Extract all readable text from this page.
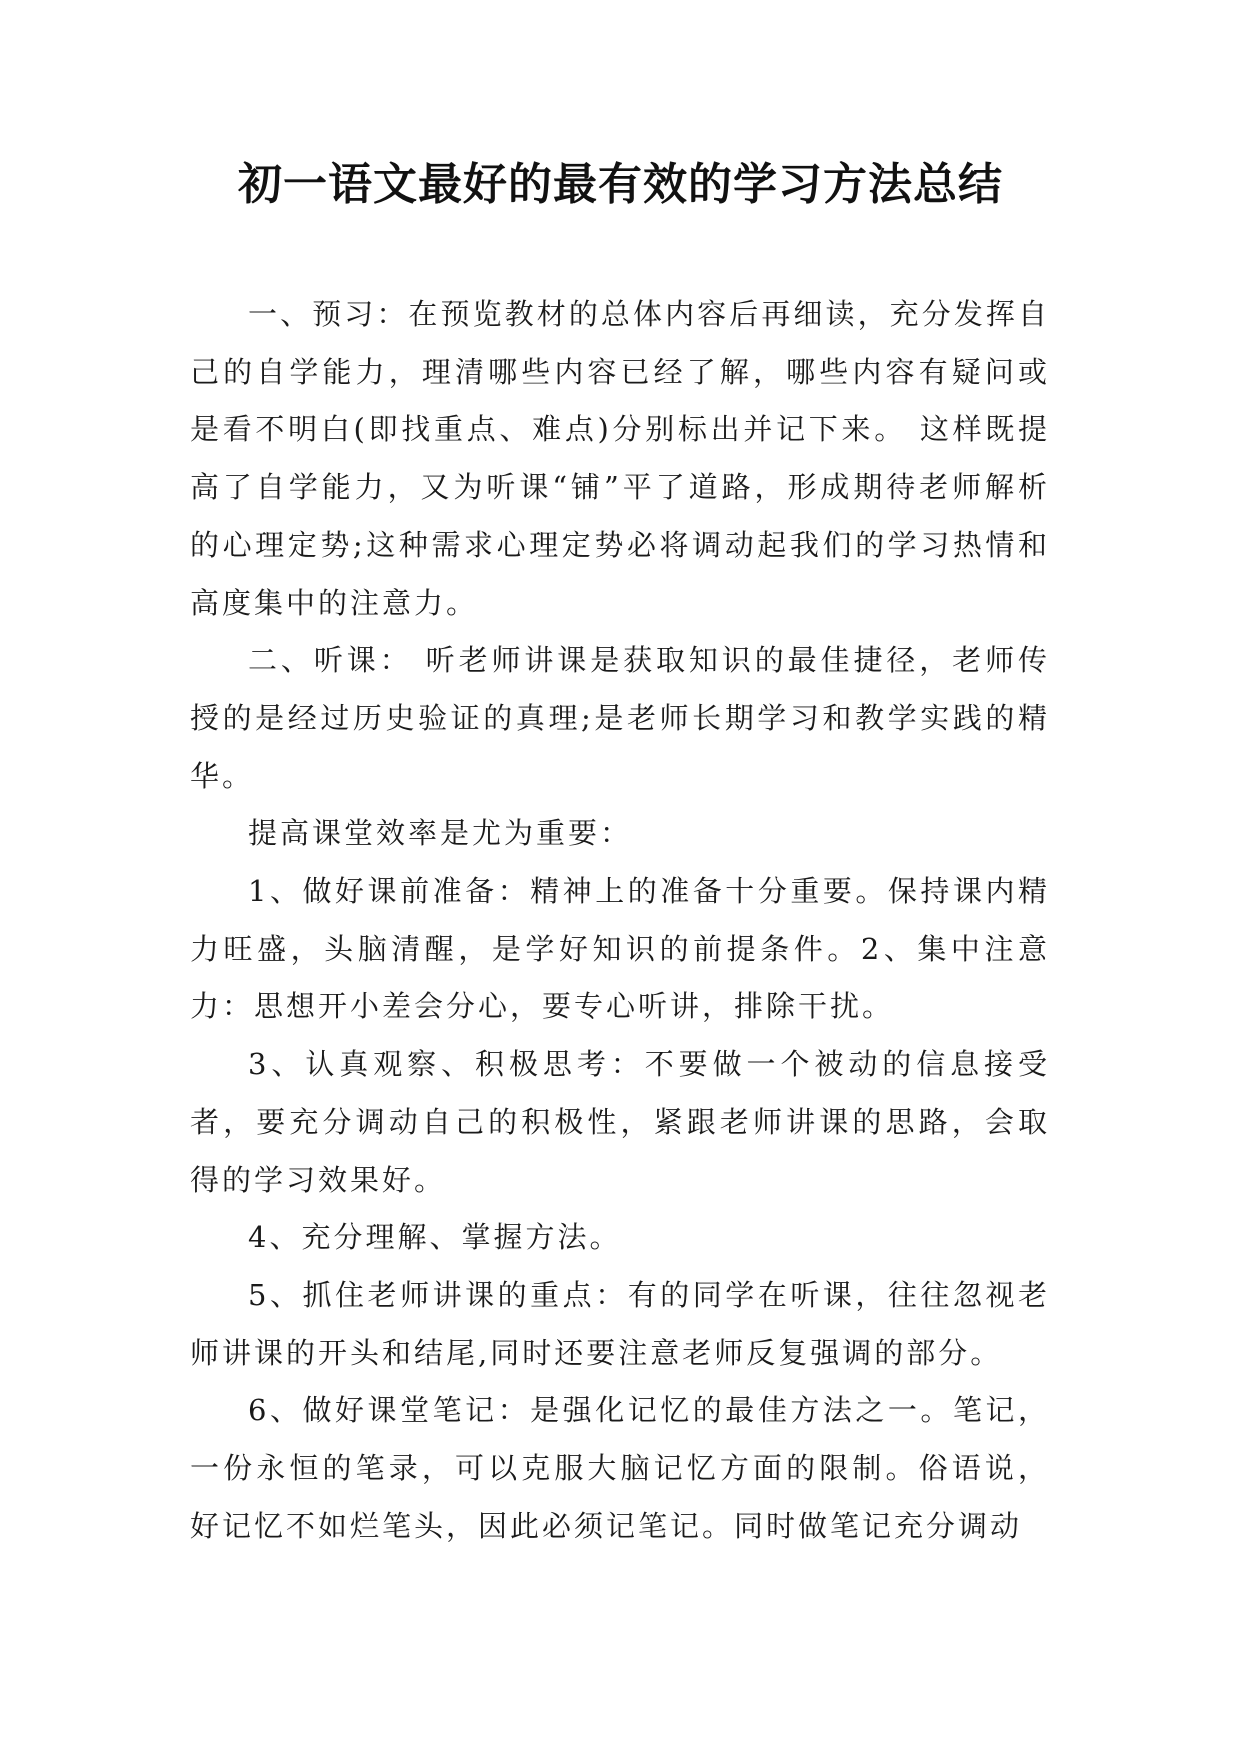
初一语文最好的最有效的学习方法总结

一、预习：在预览教材的总体内容后再细读，充分发挥自己的自学能力，理清哪些内容已经了解，哪些内容有疑问或是看不明白(即找重点、难点)分别标出并记下来。 这样既提高了自学能力，又为听课“铺”平了道路，形成期待老师解析的心理定势;这种需求心理定势必将调动起我们的学习热情和高度集中的注意力。

二、听课： 听老师讲课是获取知识的最佳捷径，老师传授的是经过历史验证的真理;是老师长期学习和教学实践的精华。

提高课堂效率是尤为重要：

1、做好课前准备：精神上的准备十分重要。保持课内精力旺盛，头脑清醒，是学好知识的前提条件。2、集中注意力：思想开小差会分心，要专心听讲，排除干扰。

3、认真观察、积极思考：不要做一个被动的信息接受者，要充分调动自己的积极性，紧跟老师讲课的思路，会取得的学习效果好。

4、充分理解、掌握方法。

5、抓住老师讲课的重点：有的同学在听课，往往忽视老师讲课的开头和结尾,同时还要注意老师反复强调的部分。

6、做好课堂笔记：是强化记忆的最佳方法之一。笔记，一份永恒的笔录，可以克服大脑记忆方面的限制。俗语说，好记忆不如烂笔头，因此必须记笔记。同时做笔记充分调动
